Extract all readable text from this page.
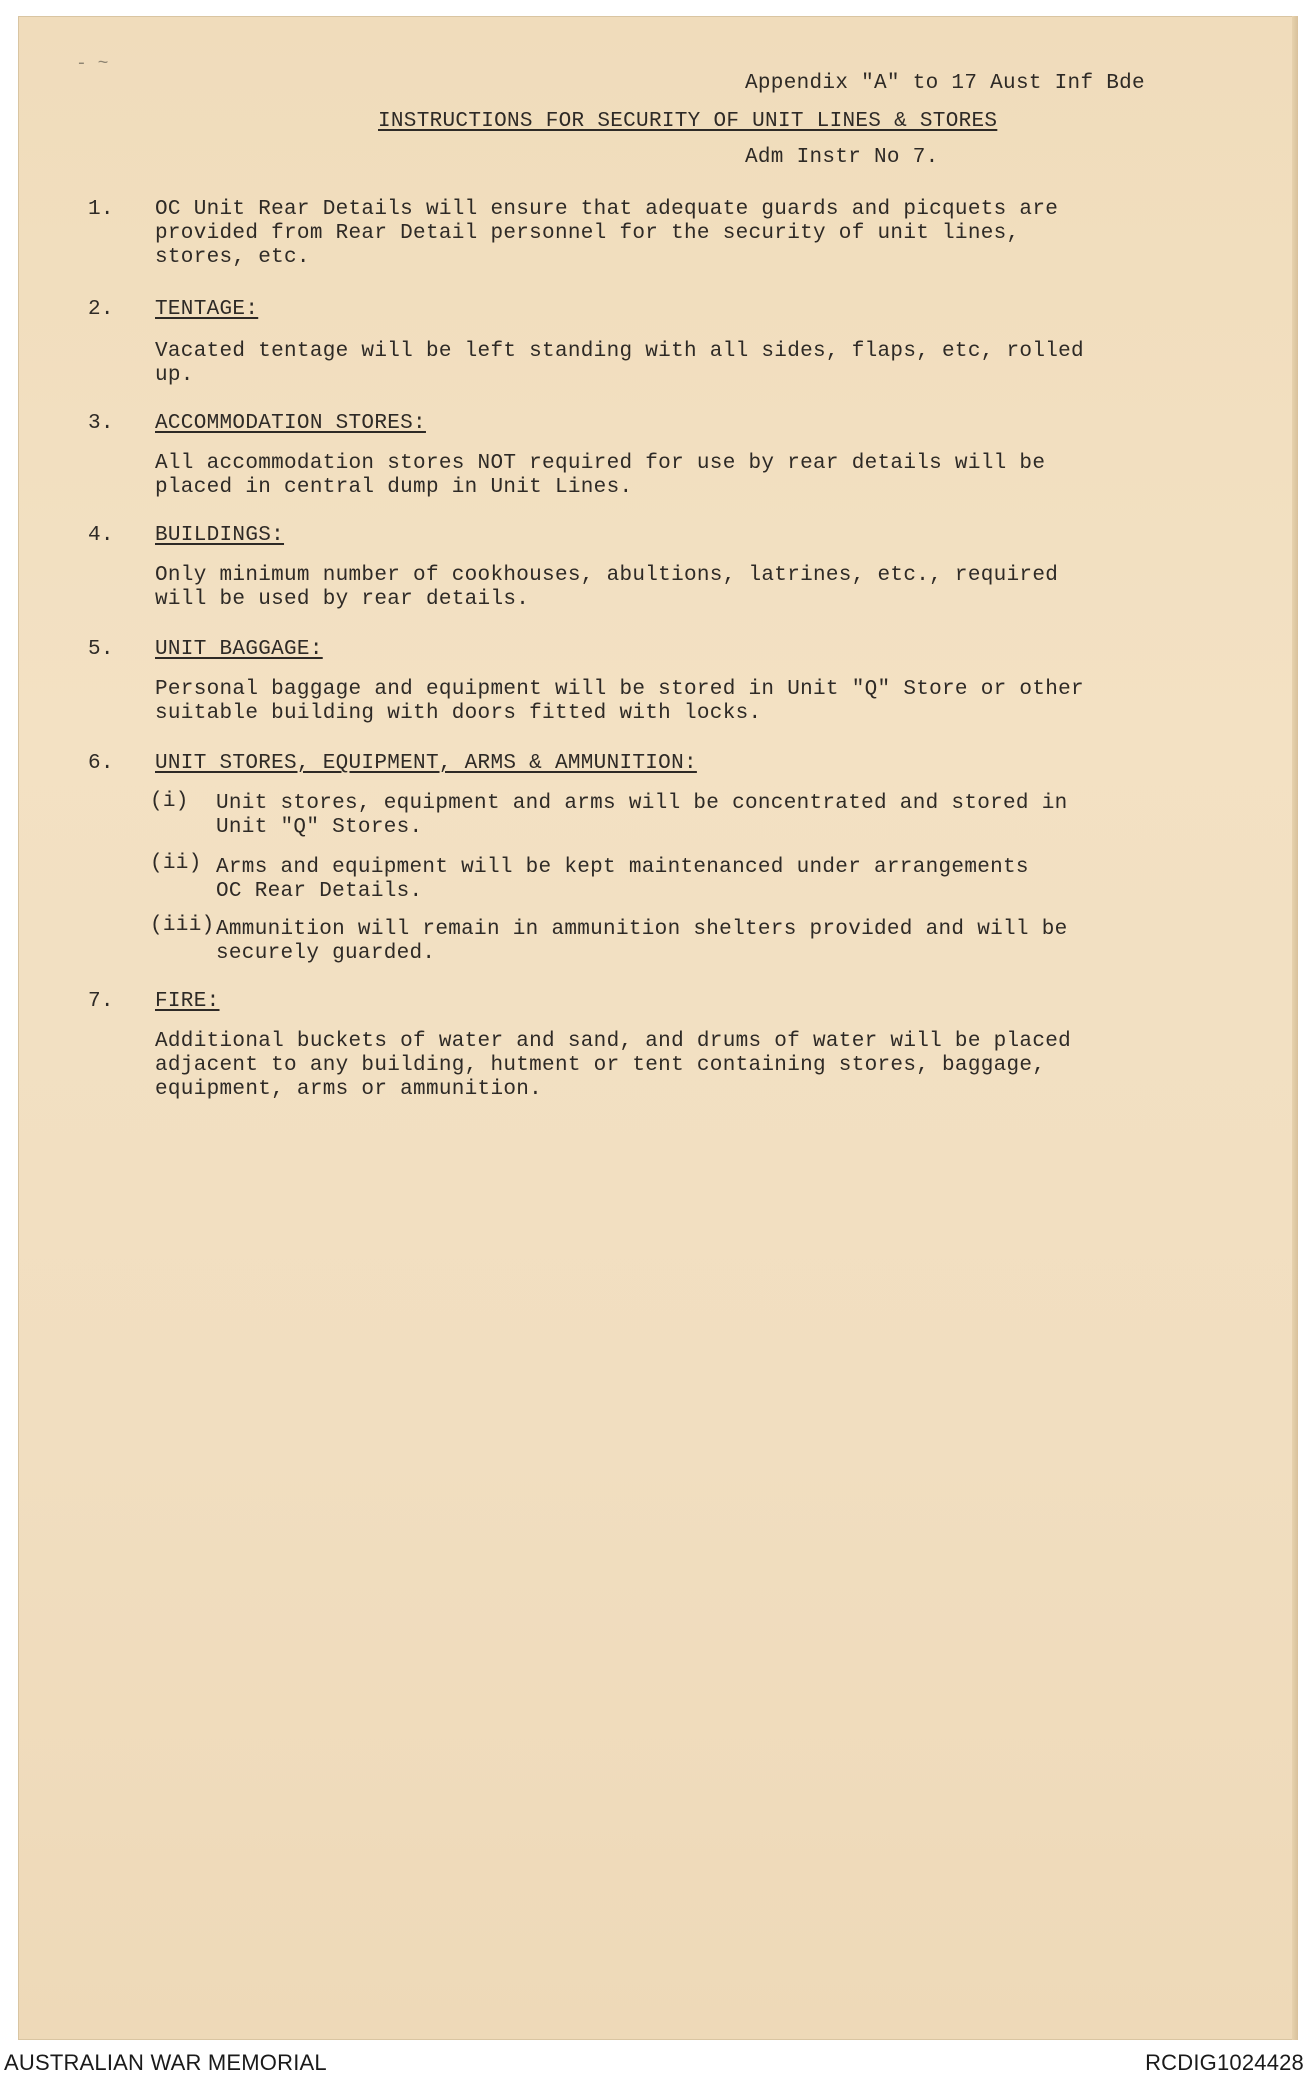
- ~

Appendix "A" to 17 Aust Inf Bde

Adm Instr No 7.

INSTRUCTIONS FOR SECURITY OF UNIT LINES & STORES
1. OC Unit Rear Details will ensure that adequate guards and picquets are
provided from Rear Detail personnel for the security of unit lines,
stores, etc.
2. TENTAGE:
Vacated tentage will be left standing with all sides, flaps, etc, rolled
up.
3. ACCOMMODATION STORES:
All accommodation stores NOT required for use by rear details will be
placed in central dump in Unit Lines.
4. BUILDINGS:
Only minimum number of cookhouses, abultions, latrines, etc., required
will be used by rear details.
5. UNIT BAGGAGE:
Personal baggage and equipment will be stored in Unit "Q" Store or other
suitable building with doors fitted with locks.
6. UNIT STORES, EQUIPMENT, ARMS & AMMUNITION:
(i) Unit stores, equipment and arms will be concentrated and stored in
Unit "Q" Stores.
(ii) Arms and equipment will be kept maintenanced under arrangements
OC Rear Details.
(iii) Ammunition will remain in ammunition shelters provided and will be
securely guarded.
7. FIRE:
Additional buckets of water and sand, and drums of water will be placed
adjacent to any building, hutment or tent containing stores, baggage,
equipment, arms or ammunition.
AUSTRALIAN WAR MEMORIAL	RCDIG1024428
